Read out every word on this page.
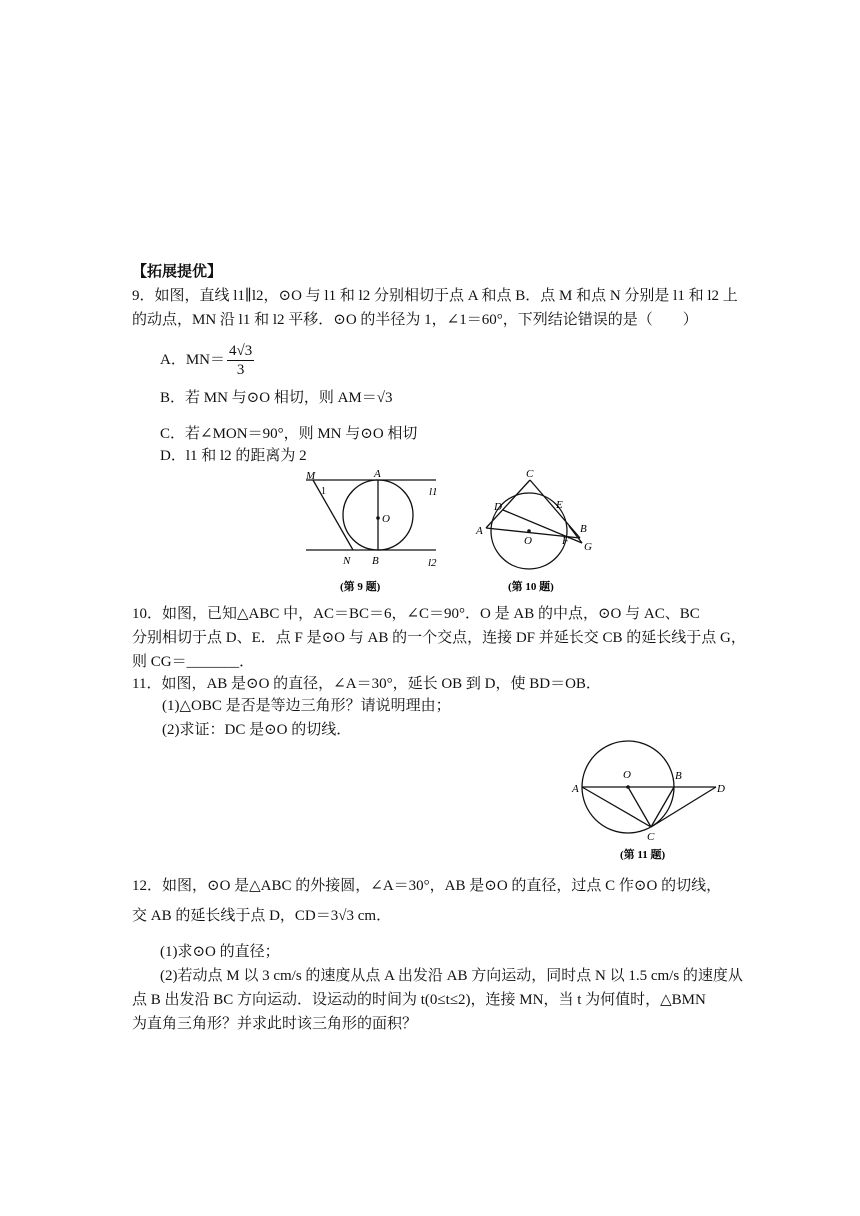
【拓展提优】
9．如图，直线 l1∥l2，⊙O 与 l1 和 l2 分别相切于点 A 和点 B．点 M 和点 N 分别是 l1 和 l2 上
的动点，MN 沿 l1 和 l2 平移．⊙O 的半径为 1，∠1＝60°，下列结论错误的是（　　）
A．$MN= \frac{4√3}{3}$
B．若 MN 与⊙O 相切，则 AM＝√3
C．若∠MON＝90°，则 MN 与⊙O 相切
D．l1 和 l2 的距离为 2
M
1
A
l1
O
N B	l2
(第 9 题)
C
D	E
A
O	F
B
G
(第 10 题)
10．如图，已知△ABC 中，AC＝BC＝6，∠C＝90°．O 是 AB 的中点，⊙O 与 AC、BC
分别相切于点 D、E．点 F 是⊙O 与 AB 的一个交点，连接 DF 并延长交 CB 的延长线于点 G，
则 CG＝_______．
11．如图，AB 是⊙O 的直径，∠A＝30°，延长 OB 到 D，使 BD＝OB．
(1)△OBC 是否是等边三角形？请说明理由；
(2)求证：DC 是⊙O 的切线．
A
O	B
D
C
(第 11 题)
12．如图，⊙O 是△ABC 的外接圆，∠A＝30°，AB 是⊙O 的直径，过点 C 作⊙O 的切线，
交 AB 的延长线于点 D，CD＝3√3 cm．
(1)求⊙O 的直径；
(2)若动点 M 以 3 cm/s 的速度从点 A 出发沿 AB 方向运动，同时点 N 以 1.5 cm/s 的速度从
点 B 出发沿 BC 方向运动．设运动的时间为 t(0≤t≤2)，连接 MN，当 t 为何值时，△BMN
为直角三角形？并求此时该三角形的面积？
